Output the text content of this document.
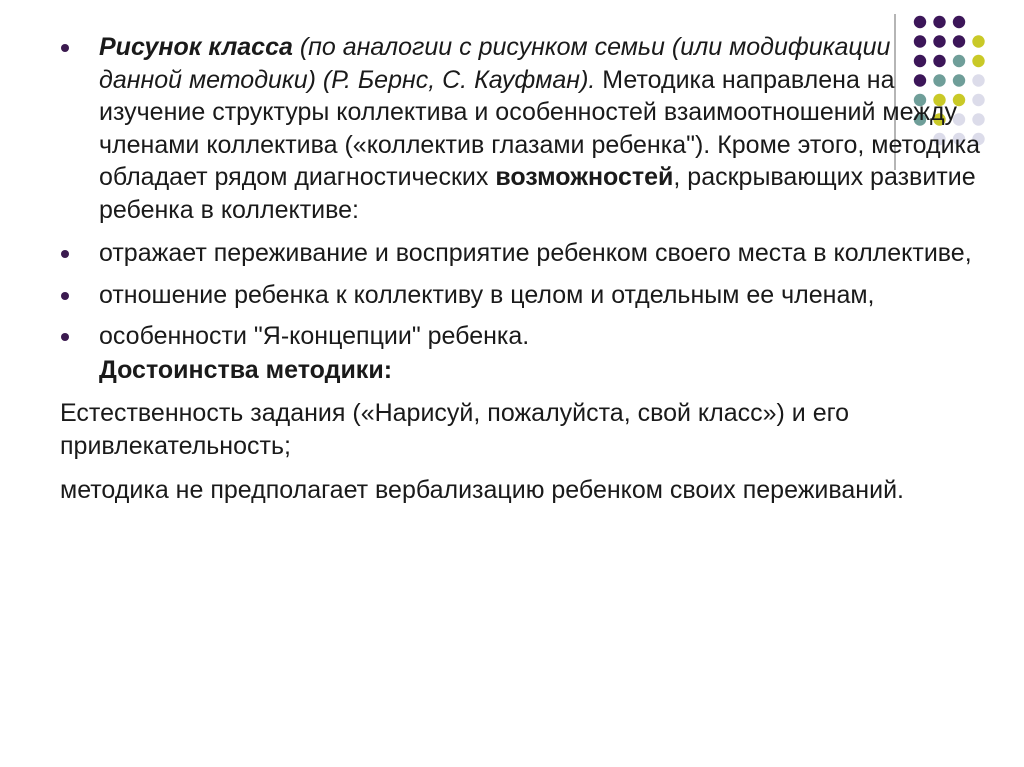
Рисунок класса (по аналогии с рисунком семьи (или модификации данной методики) (Р. Бернс, С. Кауфман). Методика направлена на изучение структуры коллектива и особенностей взаимоотношений между членами коллектива («коллектив глазами ребенка"). Кроме этого, методика обладает рядом диагностических возможностей, раскрывающих развитие ребенка в коллективе:
отражает переживание и восприятие ребенком своего места в коллективе,
отношение ребенка к коллективу в целом и отдельным ее членам,
особенности "Я-концепции" ребенка.
Достоинства методики:
Естественность задания («Нарисуй, пожалуйста, свой класс») и его привлекательность;
методика не предполагает вербализацию ребенком своих переживаний.
